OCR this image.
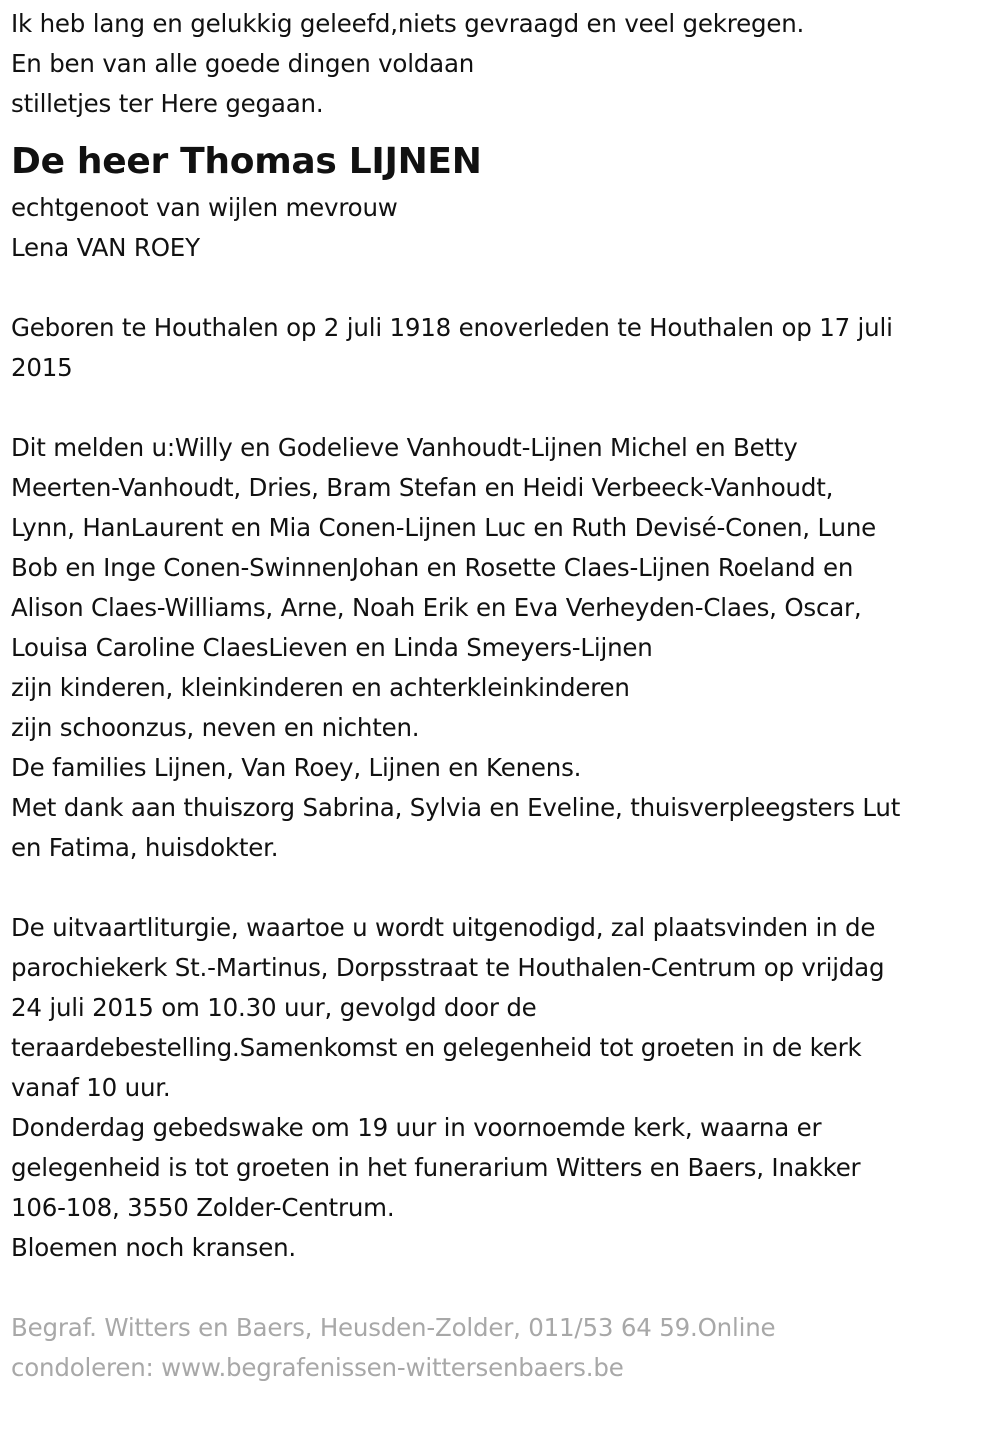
Ik heb lang en gelukkig geleefd,niets gevraagd en veel gekregen.
En ben van alle goede dingen voldaan
stilletjes ter Here gegaan.
De heer Thomas LIJNEN
echtgenoot van wijlen mevrouw
Lena VAN ROEY
Geboren te Houthalen op 2 juli 1918 enoverleden te Houthalen op 17 juli
2015
Dit melden u:Willy en Godelieve Vanhoudt-Lijnen Michel en Betty
Meerten-Vanhoudt, Dries, Bram Stefan en Heidi Verbeeck-Vanhoudt,
Lynn, HanLaurent en Mia Conen-Lijnen Luc en Ruth Devisé-Conen, Lune
Bob en Inge Conen-SwinnenJohan en Rosette Claes-Lijnen Roeland en
Alison Claes-Williams, Arne, Noah Erik en Eva Verheyden-Claes, Oscar,
Louisa Caroline ClaesLieven en Linda Smeyers-Lijnen
zijn kinderen, kleinkinderen en achterkleinkinderen
zijn schoonzus, neven en nichten.
De families Lijnen, Van Roey, Lijnen en Kenens.
Met dank aan thuiszorg Sabrina, Sylvia en Eveline, thuisverpleegsters Lut
en Fatima, huisdokter.
De uitvaartliturgie, waartoe u wordt uitgenodigd, zal plaatsvinden in de
parochiekerk St.-Martinus, Dorpsstraat te Houthalen-Centrum op vrijdag
24 juli 2015 om 10.30 uur, gevolgd door de
teraardebestelling.Samenkomst en gelegenheid tot groeten in de kerk
vanaf 10 uur.
Donderdag gebedswake om 19 uur in voornoemde kerk, waarna er
gelegenheid is tot groeten in het funerarium Witters en Baers, Inakker
106-108, 3550 Zolder-Centrum.
Bloemen noch kransen.
Begraf. Witters en Baers, Heusden-Zolder, 011/53 64 59.Online
condoleren: www.begrafenissen-wittersenbaers.be
